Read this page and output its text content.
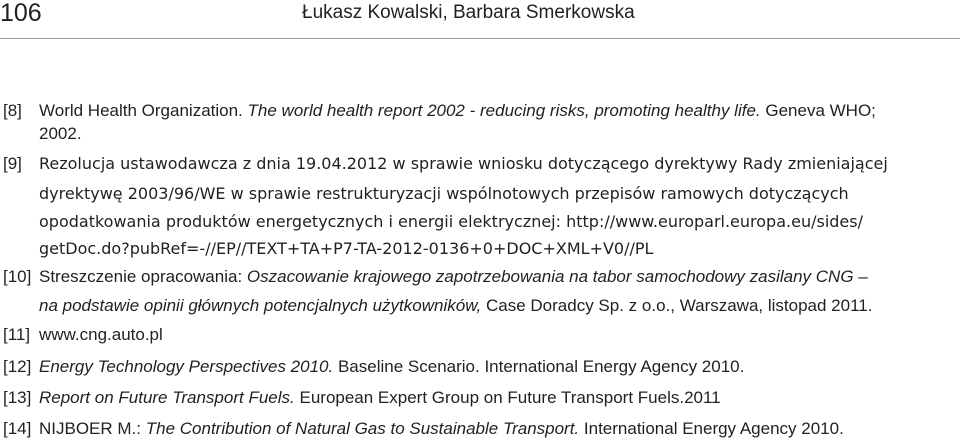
106	Łukasz Kowalski, Barbara Smerkowska
[8] World Health Organization. The world health report 2002 - reducing risks, promoting healthy life. Geneva WHO;
2002.
[9] Rezolucja ustawodawcza z dnia 19.04.2012 w sprawie wniosku dotyczącego dyrektywy Rady zmieniającej
dyrektywę 2003/96/WE w sprawie restrukturyzacji wspólnotowych przepisów ramowych dotyczących
opodatkowania produktów energetycznych i energii elektrycznej: http://www.europarl.europa.eu/sides/
getDoc.do?pubRef=-//EP//TEXT+TA+P7-TA-2012-0136+0+DOC+XML+V0//PL
[10] Streszczenie opracowania: Oszacowanie krajowego zapotrzebowania na tabor samochodowy zasilany CNG –
na podstawie opinii głównych potencjalnych użytkowników, Case Doradcy Sp. z o.o., Warszawa, listopad 2011.
[11] www.cng.auto.pl
[12] Energy Technology Perspectives 2010. Baseline Scenario. International Energy Agency 2010.
[13] Report on Future Transport Fuels. European Expert Group on Future Transport Fuels.2011
[14] NIJBOER M.: The Contribution of Natural Gas to Sustainable Transport. International Energy Agency 2010.
